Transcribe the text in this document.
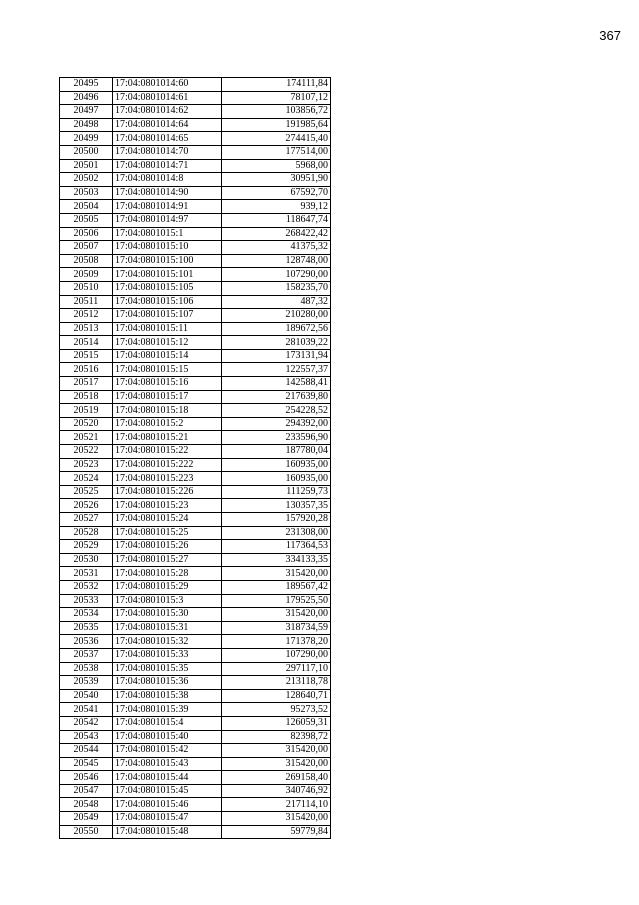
367
20495	17:04:0801014:60	174111,84
20496	17:04:0801014:61	78107,12
20497	17:04:0801014:62	103856,72
20498	17:04:0801014:64	191985,64
20499	17:04:0801014:65	274415,40
20500	17:04:0801014:70	177514,00
20501	17:04:0801014:71	5968,00
20502	17:04:0801014:8	30951,90
20503	17:04:0801014:90	67592,70
20504	17:04:0801014:91	939,12
20505	17:04:0801014:97	118647,74
20506	17:04:0801015:1	268422,42
20507	17:04:0801015:10	41375,32
20508	17:04:0801015:100	128748,00
20509	17:04:0801015:101	107290,00
20510	17:04:0801015:105	158235,70
20511	17:04:0801015:106	487,32
20512	17:04:0801015:107	210280,00
20513	17:04:0801015:11	189672,56
20514	17:04:0801015:12	281039,22
20515	17:04:0801015:14	173131,94
20516	17:04:0801015:15	122557,37
20517	17:04:0801015:16	142588,41
20518	17:04:0801015:17	217639,80
20519	17:04:0801015:18	254228,52
20520	17:04:0801015:2	294392,00
20521	17:04:0801015:21	233596,90
20522	17:04:0801015:22	187780,04
20523	17:04:0801015:222	160935,00
20524	17:04:0801015:223	160935,00
20525	17:04:0801015:226	111259,73
20526	17:04:0801015:23	130357,35
20527	17:04:0801015:24	157920,28
20528	17:04:0801015:25	231308,00
20529	17:04:0801015:26	117364,53
20530	17:04:0801015:27	334133,35
20531	17:04:0801015:28	315420,00
20532	17:04:0801015:29	189567,42
20533	17:04:0801015:3	179525,50
20534	17:04:0801015:30	315420,00
20535	17:04:0801015:31	318734,59
20536	17:04:0801015:32	171378,20
20537	17:04:0801015:33	107290,00
20538	17:04:0801015:35	297117,10
20539	17:04:0801015:36	213118,78
20540	17:04:0801015:38	128640,71
20541	17:04:0801015:39	95273,52
20542	17:04:0801015:4	126059,31
20543	17:04:0801015:40	82398,72
20544	17:04:0801015:42	315420,00
20545	17:04:0801015:43	315420,00
20546	17:04:0801015:44	269158,40
20547	17:04:0801015:45	340746,92
20548	17:04:0801015:46	217114,10
20549	17:04:0801015:47	315420,00
20550	17:04:0801015:48	59779,84
